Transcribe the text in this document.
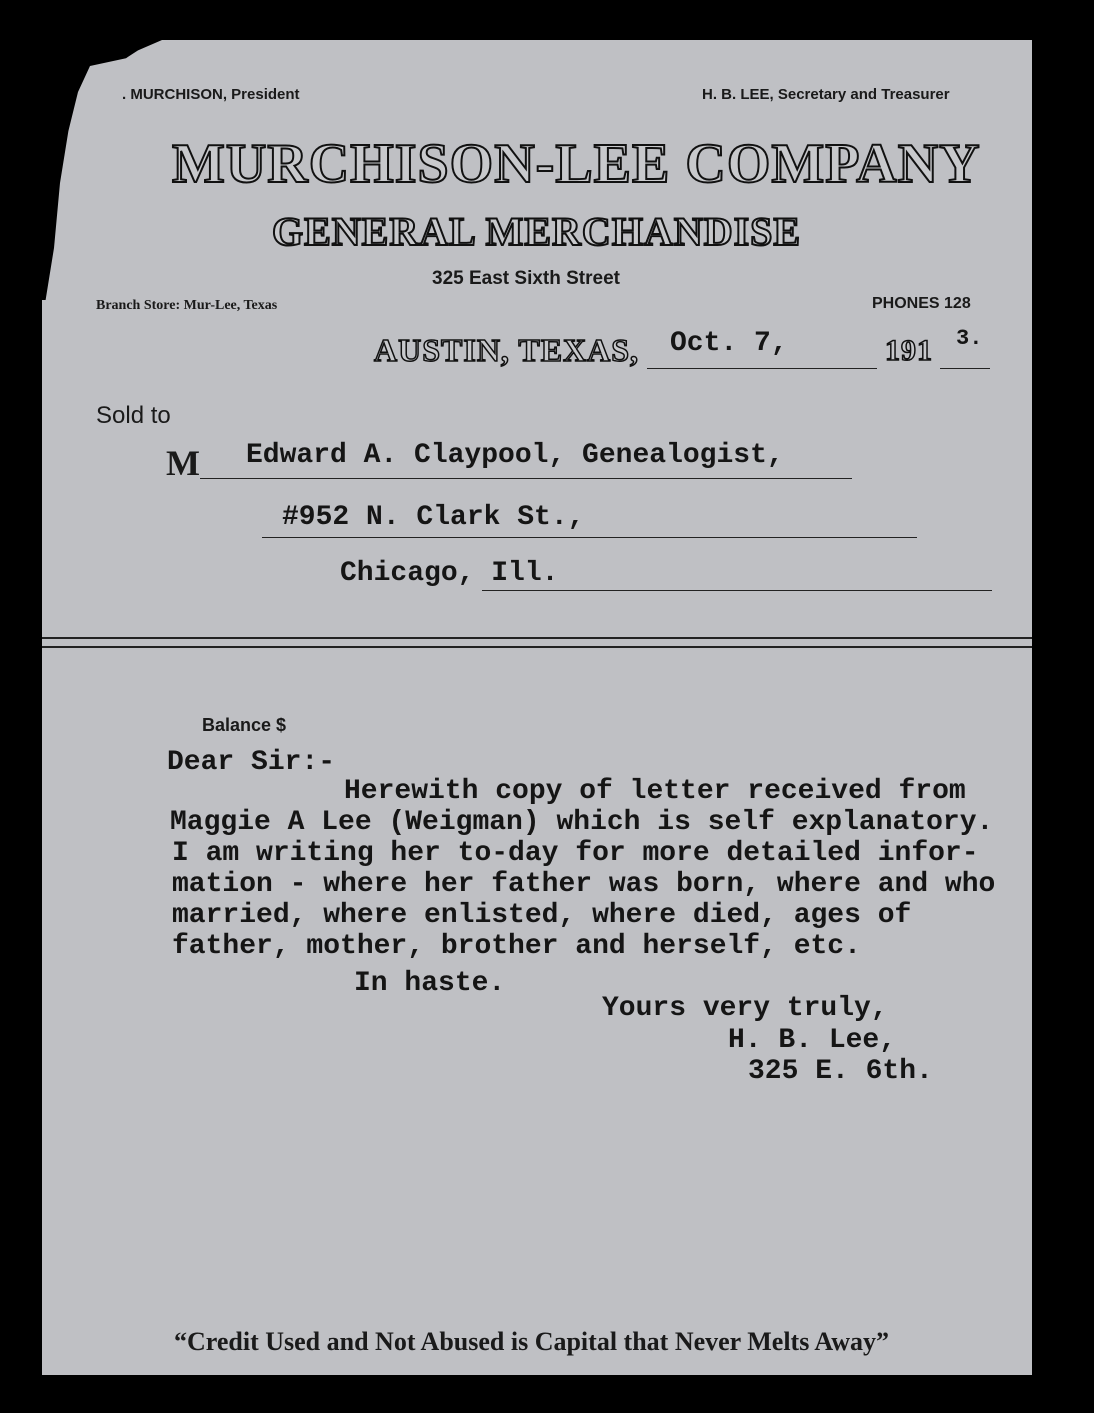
. MURCHISON, President	H. B. LEE, Secretary and Treasurer
MURCHISON-LEE COMPANY
GENERAL MERCHANDISE
325 East Sixth Street
Branch Store: Mur-Lee, Texas	PHONES 128
AUSTIN, TEXAS, Oct. 7,	191 3.
Sold to
M Edward A. Claypool, Genealogist,
#952 N. Clark St.,
Chicago, Ill.
Balance $
Dear Sir:-
Herewith copy of letter received from
Maggie A Lee (Weigman) which is self explanatory.
I am writing her to-day for more detailed infor-
mation - where her father was born, where and who
married, where enlisted, where died, ages of
father, mother, brother and herself, etc.
In haste.
Yours very truly,
H. B. Lee,
325 E. 6th.
“Credit Used and Not Abused is Capital that Never Melts Away”
